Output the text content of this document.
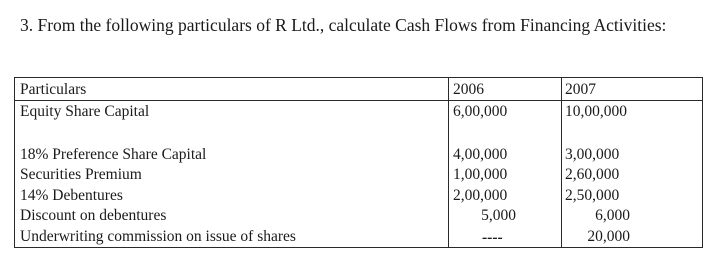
3. From the following particulars of R Ltd., calculate Cash Flows from Financing Activities:
Particulars	2006	2007
Equity Share Capital	6,00,000	10,00,000
18% Preference Share Capital	4,00,000	3,00,000
Securities Premium	1,00,000	2,60,000
14% Debentures	2,00,000	2,50,000
Discount on debentures	5,000	6,000
Underwriting commission on issue of shares	----	20,000
